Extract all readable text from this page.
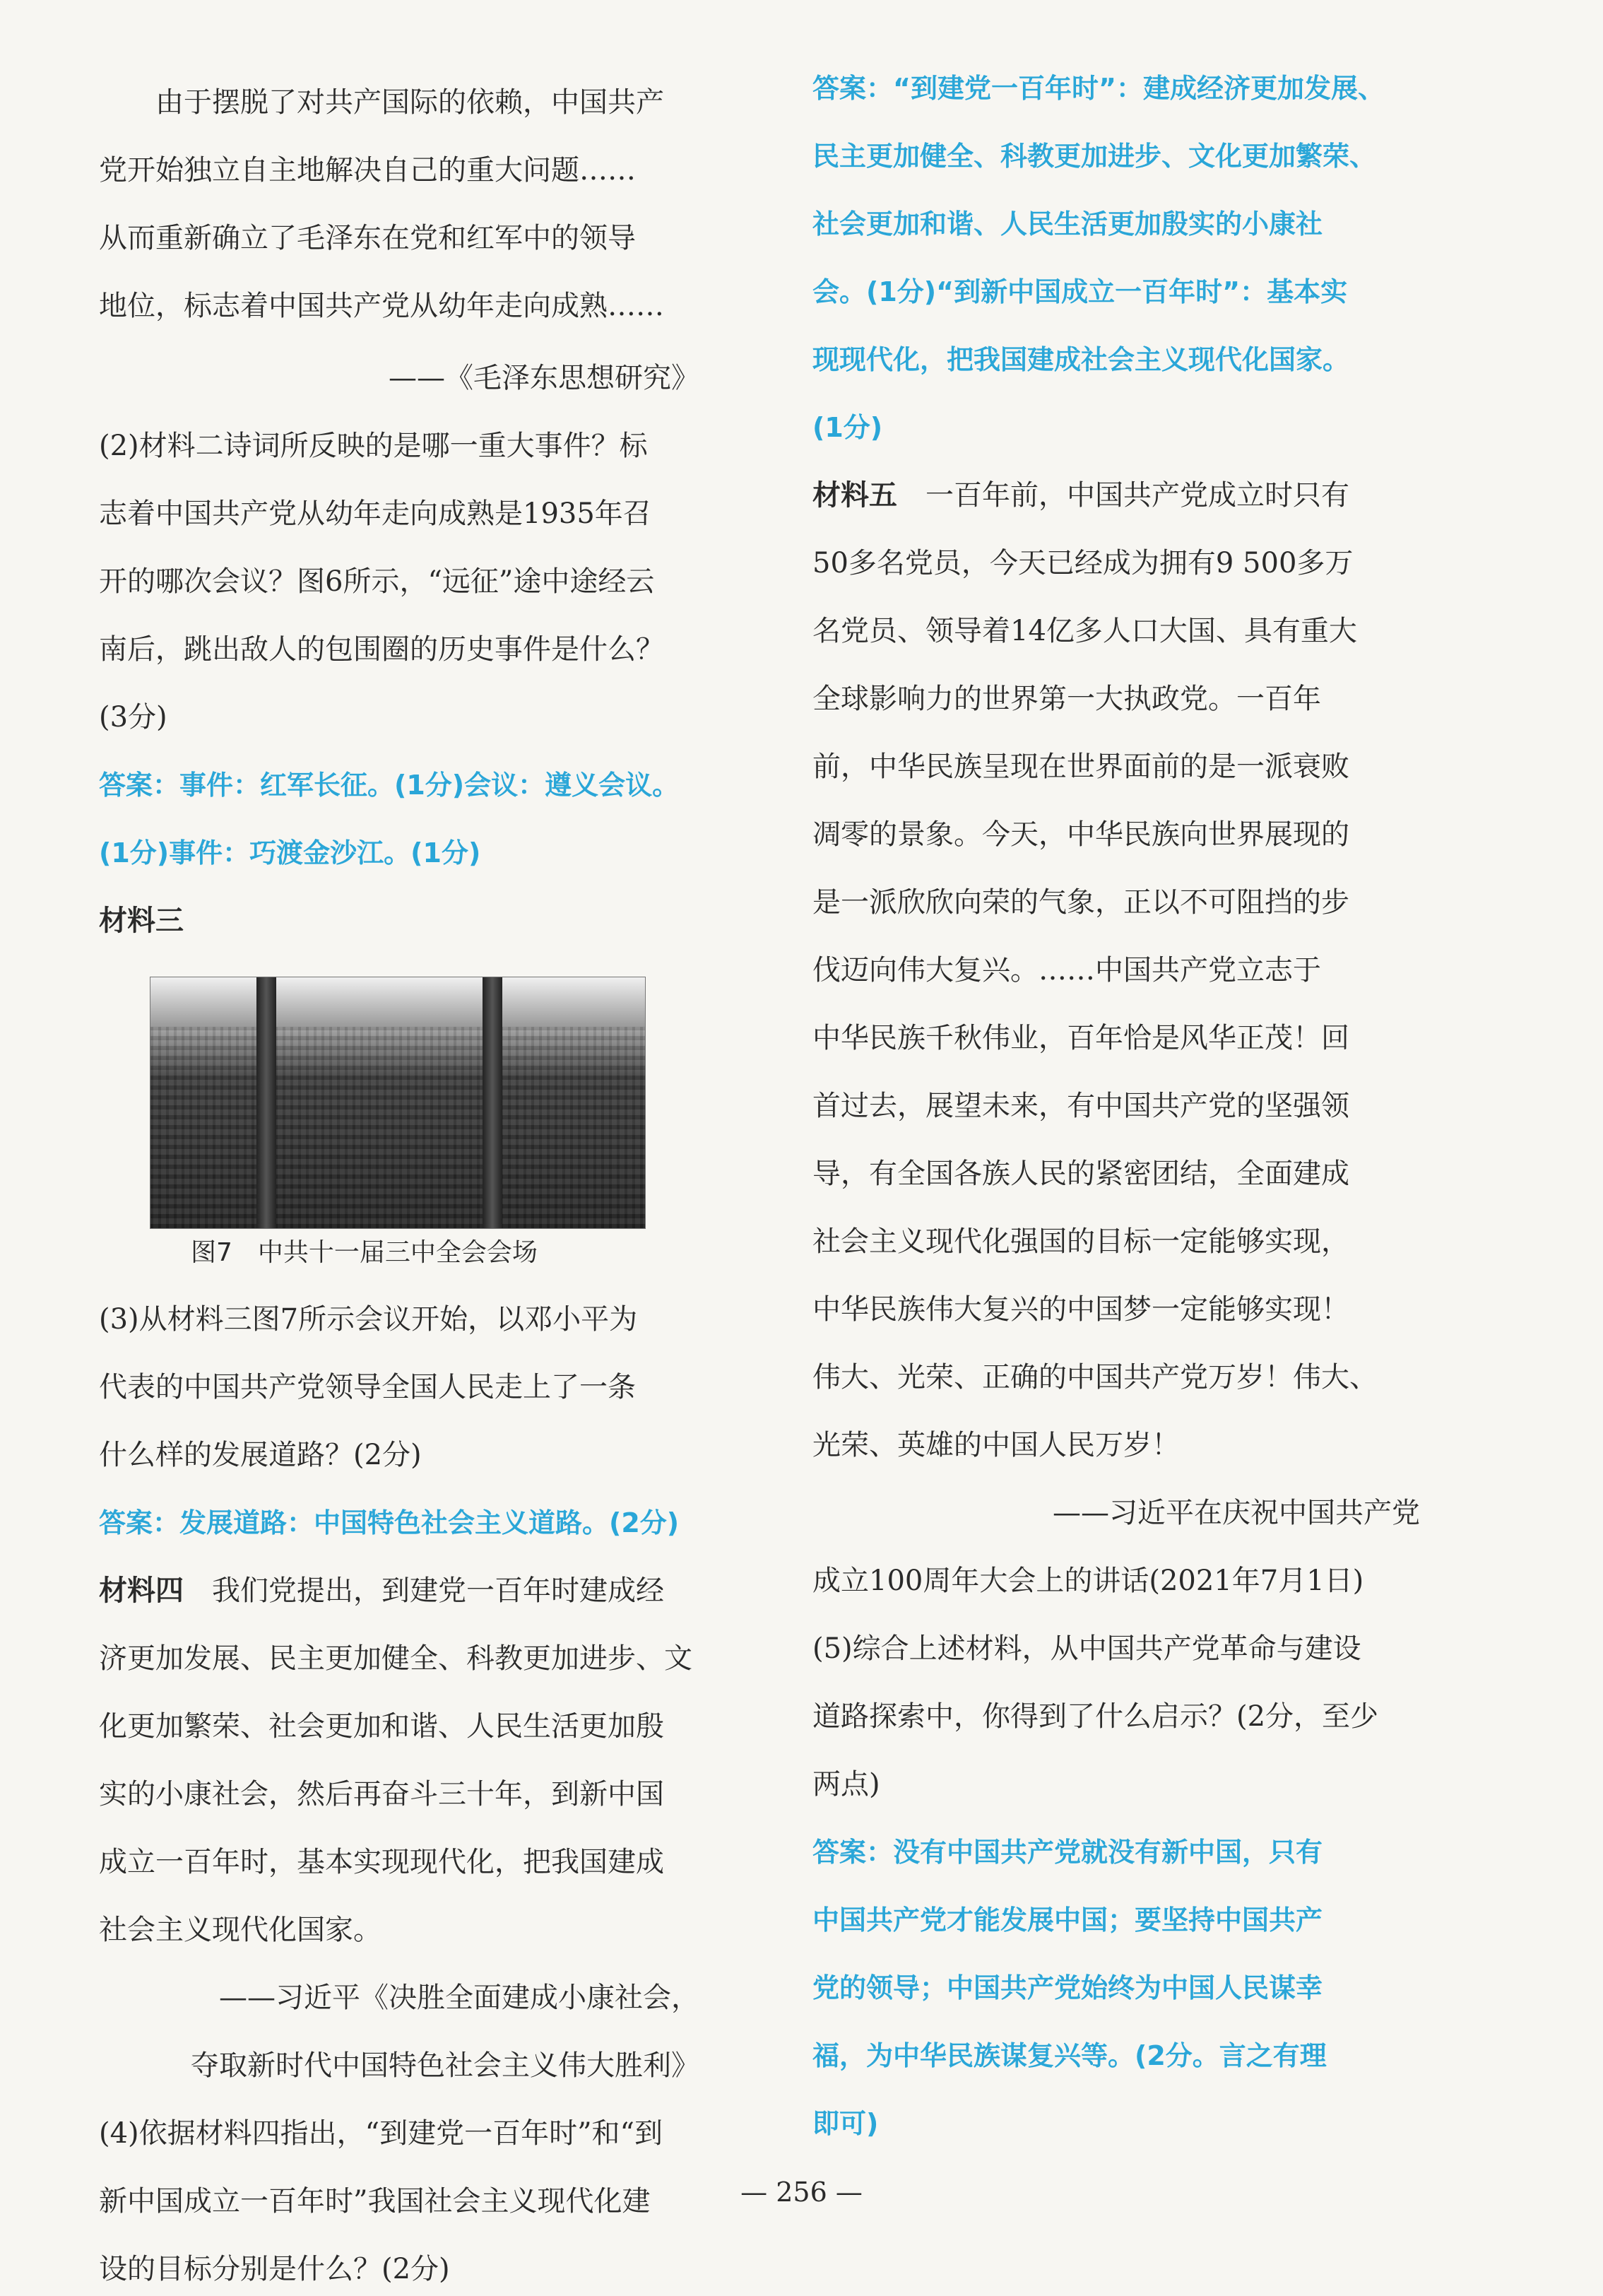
由于摆脱了对共产国际的依赖，中国共产
党开始独立自主地解决自己的重大问题……
从而重新确立了毛泽东在党和红军中的领导
地位，标志着中国共产党从幼年走向成熟……
——《毛泽东思想研究》
(2)材料二诗词所反映的是哪一重大事件？标
志着中国共产党从幼年走向成熟是1935年召
开的哪次会议？图6所示，“远征”途中途经云
南后，跳出敌人的包围圈的历史事件是什么？
(3分)
答案：事件：红军长征。(1分)会议：遵义会议。
(1分)事件：巧渡金沙江。(1分)
材料三
图7　中共十一届三中全会会场
(3)从材料三图7所示会议开始，以邓小平为
代表的中国共产党领导全国人民走上了一条
什么样的发展道路？(2分)
答案：发展道路：中国特色社会主义道路。(2分)
材料四 我们党提出，到建党一百年时建成经
济更加发展、民主更加健全、科教更加进步、文
化更加繁荣、社会更加和谐、人民生活更加殷
实的小康社会，然后再奋斗三十年，到新中国
成立一百年时，基本实现现代化，把我国建成
社会主义现代化国家。
——习近平《决胜全面建成小康社会，
夺取新时代中国特色社会主义伟大胜利》
(4)依据材料四指出，“到建党一百年时”和“到
新中国成立一百年时”我国社会主义现代化建
设的目标分别是什么？(2分)
答案：“到建党一百年时”：建成经济更加发展、
民主更加健全、科教更加进步、文化更加繁荣、
社会更加和谐、人民生活更加殷实的小康社
会。(1分)“到新中国成立一百年时”：基本实
现现代化，把我国建成社会主义现代化国家。
(1分)
材料五 一百年前，中国共产党成立时只有
50多名党员，今天已经成为拥有9 500多万
名党员、领导着14亿多人口大国、具有重大
全球影响力的世界第一大执政党。一百年
前，中华民族呈现在世界面前的是一派衰败
凋零的景象。今天，中华民族向世界展现的
是一派欣欣向荣的气象，正以不可阻挡的步
伐迈向伟大复兴。……中国共产党立志于
中华民族千秋伟业，百年恰是风华正茂！回
首过去，展望未来，有中国共产党的坚强领
导，有全国各族人民的紧密团结，全面建成
社会主义现代化强国的目标一定能够实现，
中华民族伟大复兴的中国梦一定能够实现！
伟大、光荣、正确的中国共产党万岁！伟大、
光荣、英雄的中国人民万岁！
——习近平在庆祝中国共产党
成立100周年大会上的讲话(2021年7月1日)
(5)综合上述材料，从中国共产党革命与建设
道路探索中，你得到了什么启示？(2分，至少
两点)
答案：没有中国共产党就没有新中国，只有
中国共产党才能发展中国；要坚持中国共产
党的领导；中国共产党始终为中国人民谋幸
福，为中华民族谋复兴等。(2分。言之有理
即可)
— 256 —
